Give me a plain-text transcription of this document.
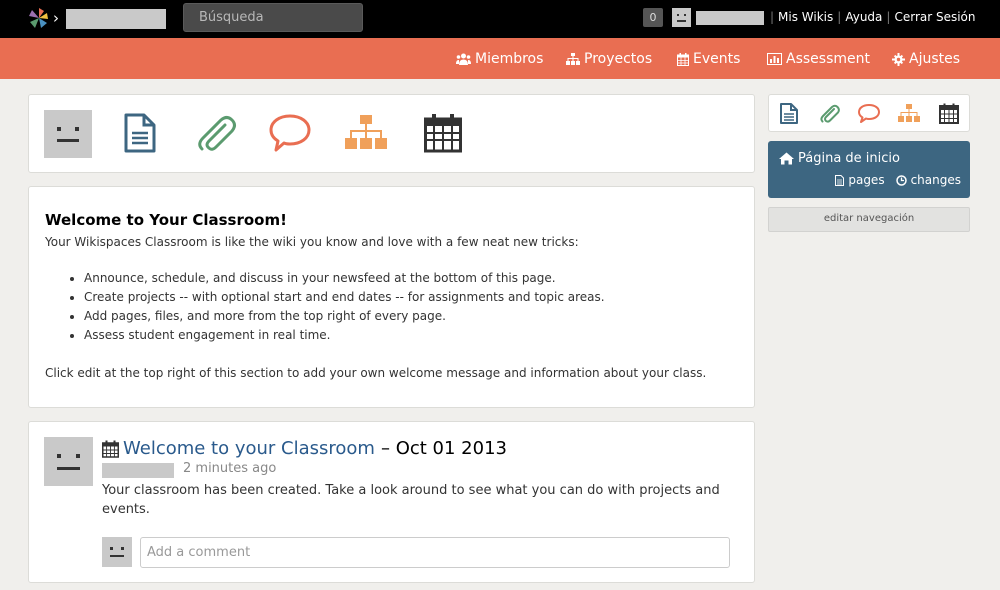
›	Búsqueda	0	| Mis Wikis | Ayuda | Cerrar Sesión
Miembros	Proyectos	Events	Assessment	Ajustes
Welcome to Your Classroom!

Your Wikispaces Classroom is like the wiki you know and love with a few neat new tricks:

• Announce, schedule, and discuss in your newsfeed at the bottom of this page.
• Create projects -- with optional start and end dates -- for assignments and topic areas.
• Add pages, files, and more from the top right of every page.
• Assess student engagement in real time.

Click edit at the top right of this section to add your own welcome message and information about your class.

Welcome to your Classroom – Oct 01 2013
2 minutes ago
Your classroom has been created. Take a look around to see what you can do with projects and events.
Add a comment
Página de inicio
pages changes
editar navegación
